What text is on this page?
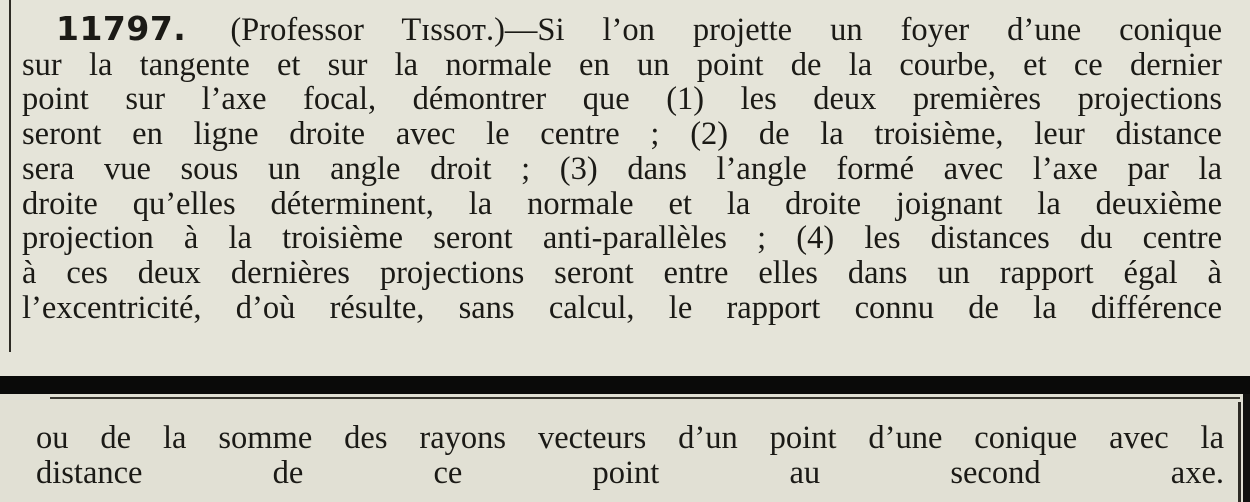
11797. (Professor Tɪssoᴛ.)—Si l’on projette un foyer d’une conique
sur la tangente et sur la normale en un point de la courbe, et ce dernier
point sur l’axe focal, démontrer que (1) les deux premières projections
seront en ligne droite avec le centre ; (2) de la troisième, leur distance
sera vue sous un angle droit ; (3) dans l’angle formé avec l’axe par la
droite qu’elles déterminent, la normale et la droite joignant la deuxième
projection à la troisième seront anti-parallèles ; (4) les distances du centre
à ces deux dernières projections seront entre elles dans un rapport égal à
l’excentricité, d’où résulte, sans calcul, le rapport connu de la différence
ou de la somme des rayons vecteurs d’un point d’une conique avec la
distance de ce point au second axe.
